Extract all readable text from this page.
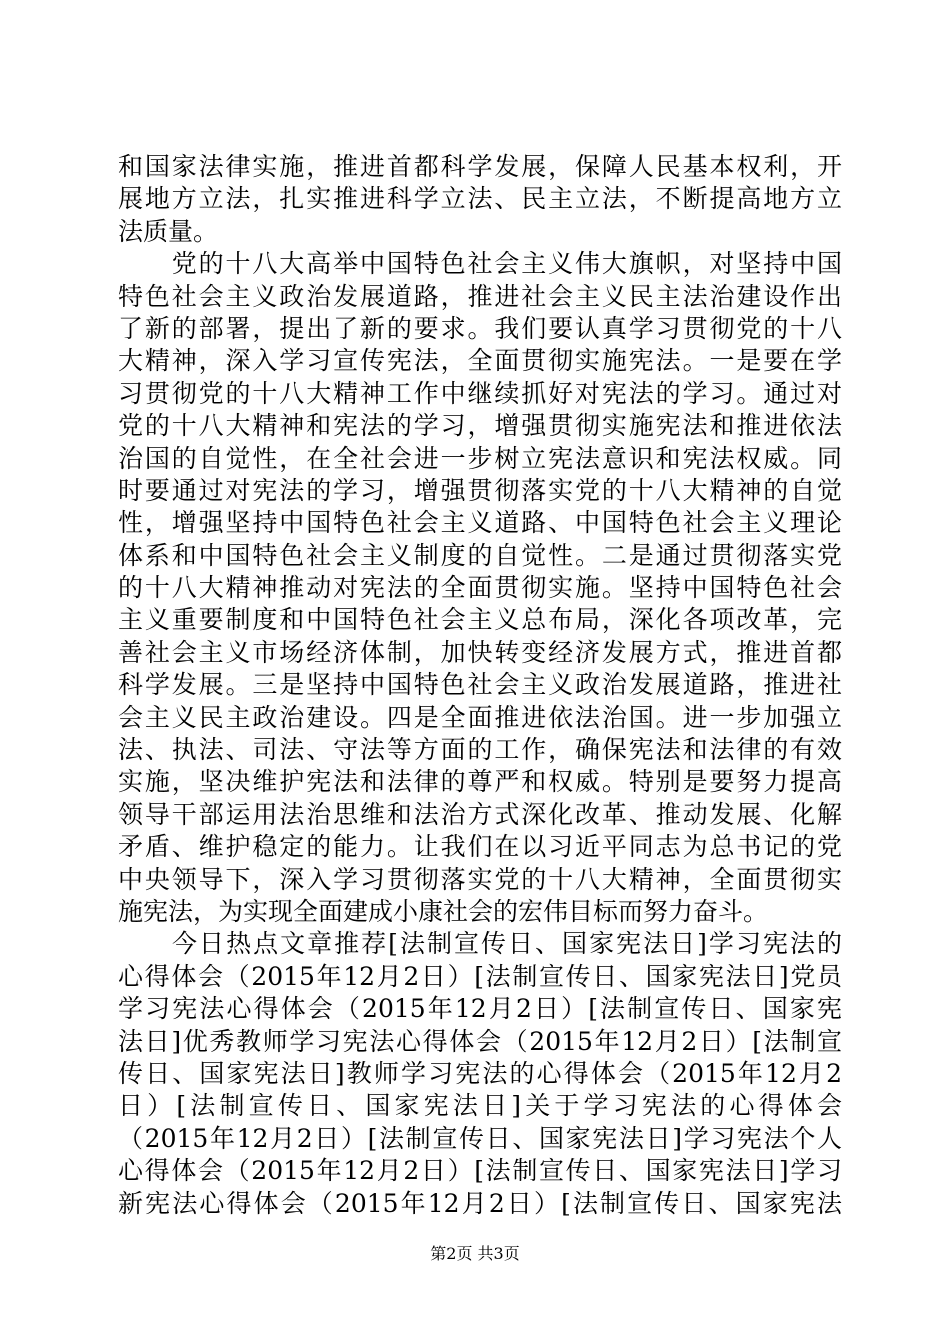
和国家法律实施，推进首都科学发展，保障人民基本权利，开
展地方立法，扎实推进科学立法、民主立法，不断提高地方立
法质量。
　　党的十八大高举中国特色社会主义伟大旗帜，对坚持中国
特色社会主义政治发展道路，推进社会主义民主法治建设作出
了新的部署，提出了新的要求。我们要认真学习贯彻党的十八
大精神，深入学习宣传宪法，全面贯彻实施宪法。一是要在学
习贯彻党的十八大精神工作中继续抓好对宪法的学习。通过对
党的十八大精神和宪法的学习，增强贯彻实施宪法和推进依法
治国的自觉性，在全社会进一步树立宪法意识和宪法权威。同
时要通过对宪法的学习，增强贯彻落实党的十八大精神的自觉
性，增强坚持中国特色社会主义道路、中国特色社会主义理论
体系和中国特色社会主义制度的自觉性。二是通过贯彻落实党
的十八大精神推动对宪法的全面贯彻实施。坚持中国特色社会
主义重要制度和中国特色社会主义总布局，深化各项改革，完
善社会主义市场经济体制，加快转变经济发展方式，推进首都
科学发展。三是坚持中国特色社会主义政治发展道路，推进社
会主义民主政治建设。四是全面推进依法治国。进一步加强立
法、执法、司法、守法等方面的工作，确保宪法和法律的有效
实施，坚决维护宪法和法律的尊严和权威。特别是要努力提高
领导干部运用法治思维和法治方式深化改革、推动发展、化解
矛盾、维护稳定的能力。让我们在以习近平同志为总书记的党
中央领导下，深入学习贯彻落实党的十八大精神，全面贯彻实
施宪法，为实现全面建成小康社会的宏伟目标而努力奋斗。
　　今日热点文章推荐[法制宣传日、国家宪法日]学习宪法的
心得体会（2015年12月2日）[法制宣传日、国家宪法日]党员
学习宪法心得体会（2015年12月2日）[法制宣传日、国家宪
法日]优秀教师学习宪法心得体会（2015年12月2日）[法制宣
传日、国家宪法日]教师学习宪法的心得体会（2015年12月2
日）[法制宣传日、国家宪法日]关于学习宪法的心得体会
（2015年12月2日）[法制宣传日、国家宪法日]学习宪法个人
心得体会（2015年12月2日）[法制宣传日、国家宪法日]学习
新宪法心得体会（2015年12月2日）[法制宣传日、国家宪法
第2页 共3页
